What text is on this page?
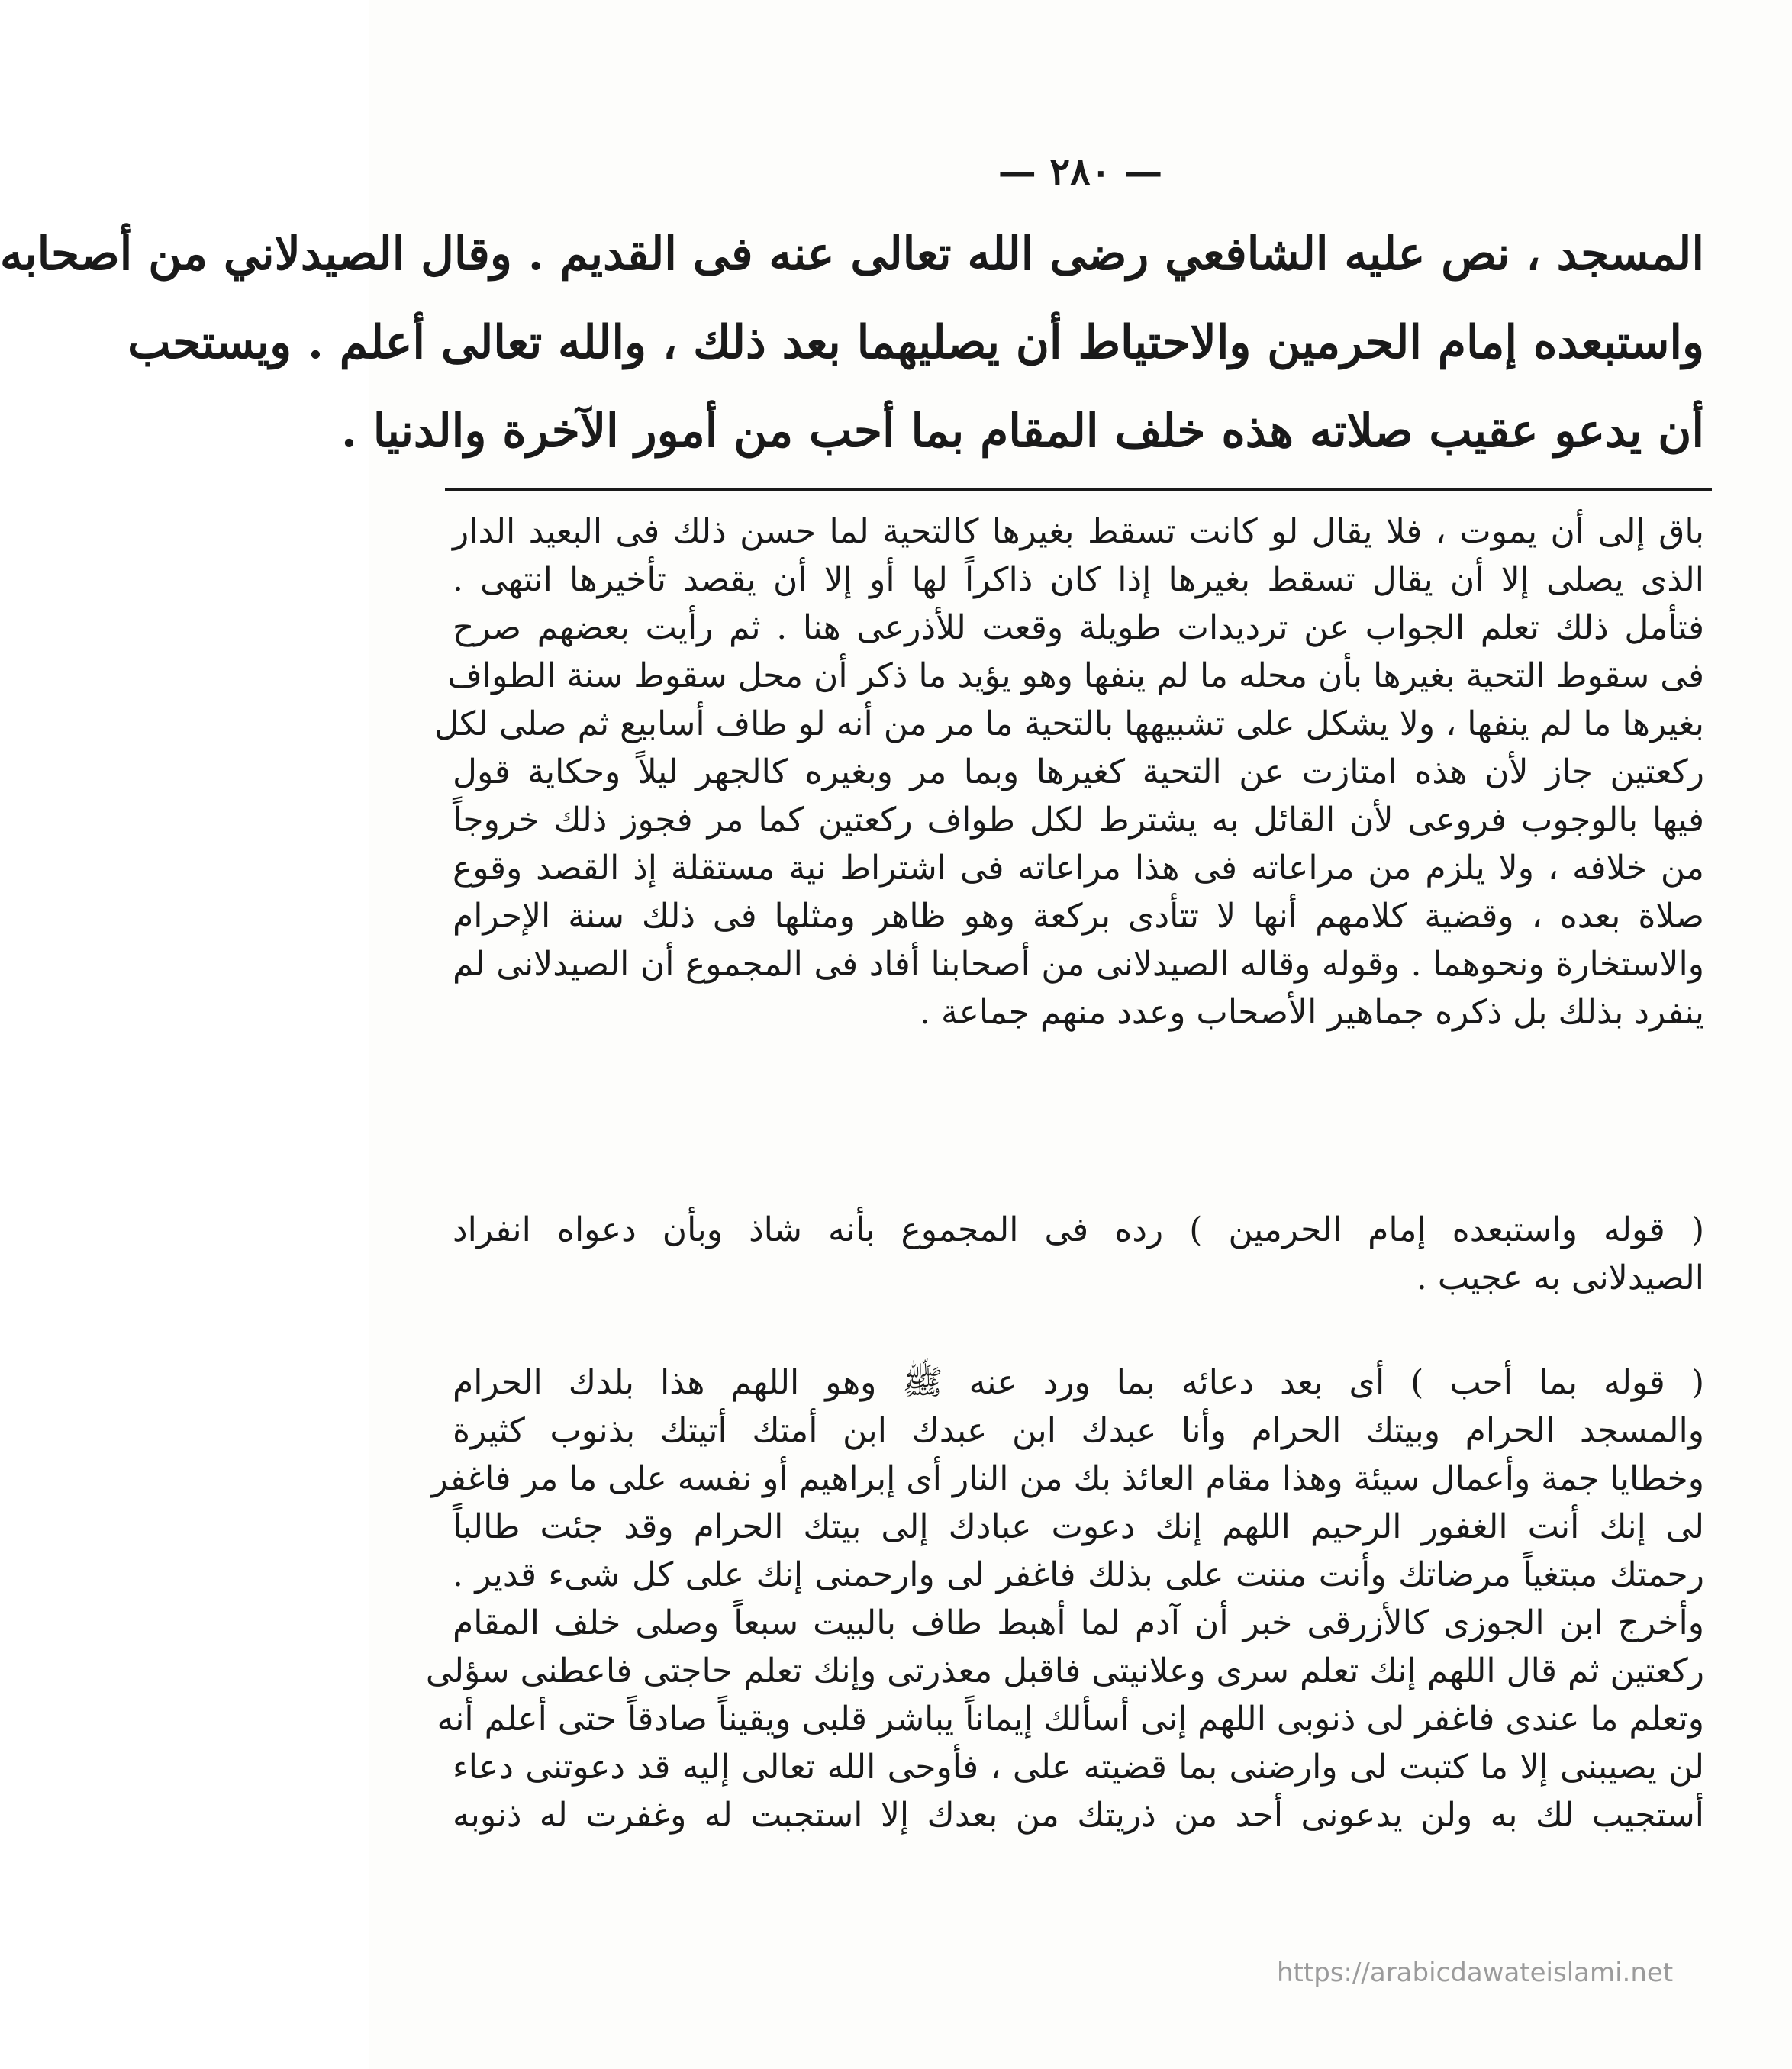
— ٢٨٠ —
المسجد ، نص عليه الشافعي رضى الله تعالى عنه فى القديم . وقال الصيدلاني من أصحابه
واستبعده إمام الحرمين والاحتياط أن يصليهما بعد ذلك ، والله تعالى أعلم . ويستحب
أن يدعو عقيب صلاته هذه خلف المقام بما أحب من أمور الآخرة والدنيا .
باق إلى أن يموت ، فلا يقال لو كانت تسقط بغيرها كالتحية لما حسن ذلك فى البعيد الدار
الذى يصلى إلا أن يقال تسقط بغيرها إذا كان ذاكراً لها أو إلا أن يقصد تأخيرها انتهى .
فتأمل ذلك تعلم الجواب عن ترديدات طويلة وقعت للأذرعى هنا . ثم رأيت بعضهم صرح
فى سقوط التحية بغيرها بأن محله ما لم ينفها وهو يؤيد ما ذكر أن محل سقوط سنة الطواف
بغيرها ما لم ينفها ، ولا يشكل على تشبيهها بالتحية ما مر من أنه لو طاف أسابيع ثم صلى لكل
ركعتين جاز لأن هذه امتازت عن التحية كغيرها وبما مر وبغيره كالجهر ليلاً وحكاية قول
فيها بالوجوب فروعى لأن القائل به يشترط لكل طواف ركعتين كما مر فجوز ذلك خروجاً
من خلافه ، ولا يلزم من مراعاته فى هذا مراعاته فى اشتراط نية مستقلة إذ القصد وقوع
صلاة بعده ، وقضية كلامهم أنها لا تتأدى بركعة وهو ظاهر ومثلها فى ذلك سنة الإحرام
والاستخارة ونحوهما . وقوله وقاله الصيدلانى من أصحابنا أفاد فى المجموع أن الصيدلانى لم
ينفرد بذلك بل ذكره جماهير الأصحاب وعدد منهم جماعة .
( قوله واستبعده إمام الحرمين ) رده فى المجموع بأنه شاذ وبأن دعواه انفراد
الصيدلانى به عجيب .
( قوله بما أحب ) أى بعد دعائه بما ورد عنه ﷺ وهو اللهم هذا بلدك الحرام
والمسجد الحرام وبيتك الحرام وأنا عبدك ابن عبدك ابن أمتك أتيتك بذنوب كثيرة
وخطايا جمة وأعمال سيئة وهذا مقام العائذ بك من النار أى إبراهيم أو نفسه على ما مر فاغفر
لى إنك أنت الغفور الرحيم اللهم إنك دعوت عبادك إلى بيتك الحرام وقد جئت طالباً
رحمتك مبتغياً مرضاتك وأنت مننت على بذلك فاغفر لى وارحمنى إنك على كل شىء قدير .
وأخرج ابن الجوزى كالأزرقى خبر أن آدم لما أهبط طاف بالبيت سبعاً وصلى خلف المقام
ركعتين ثم قال اللهم إنك تعلم سرى وعلانيتى فاقبل معذرتى وإنك تعلم حاجتى فاعطنى سؤلى
وتعلم ما عندى فاغفر لى ذنوبى اللهم إنى أسألك إيماناً يباشر قلبى ويقيناً صادقاً حتى أعلم أنه
لن يصيبنى إلا ما كتبت لى وارضنى بما قضيته على ، فأوحى الله تعالى إليه قد دعوتنى دعاء
أستجيب لك به ولن يدعونى أحد من ذريتك من بعدك إلا استجبت له وغفرت له ذنوبه
https://arabicdawateislami.net
